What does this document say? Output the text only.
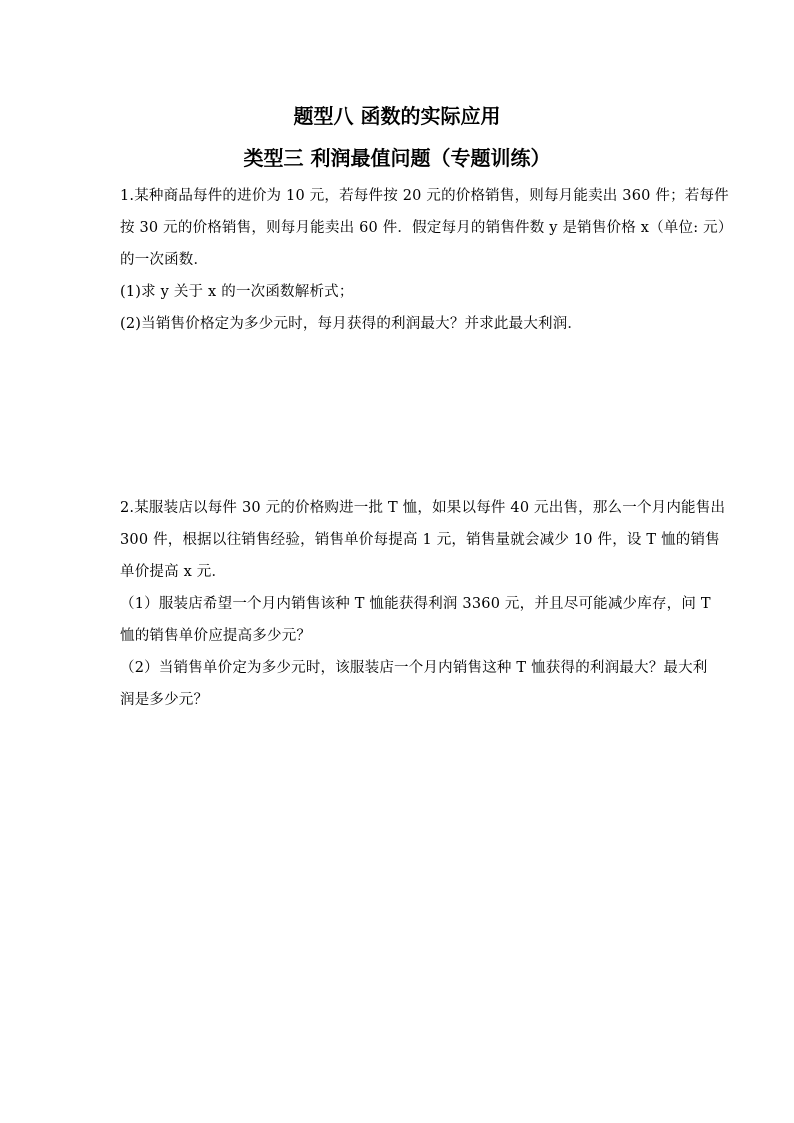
题型八 函数的实际应用
类型三 利润最值问题（专题训练）
1.某种商品每件的进价为 10 元，若每件按 20 元的价格销售，则每月能卖出 360 件；若每件
按 30 元的价格销售，则每月能卖出 60 件．假定每月的销售件数 y 是销售价格 x（单位: 元）
的一次函数．
(1)求 y 关于 x 的一次函数解析式；
(2)当销售价格定为多少元时，每月获得的利润最大？并求此最大利润．
2.某服装店以每件 30 元的价格购进一批 T 恤，如果以每件 40 元出售，那么一个月内能售出
300 件，根据以往销售经验，销售单价每提高 1 元，销售量就会减少 10 件，设 T 恤的销售
单价提高 x 元．
（1）服装店希望一个月内销售该种 T 恤能获得利润 3360 元，并且尽可能减少库存，问 T
恤的销售单价应提高多少元？
（2）当销售单价定为多少元时，该服装店一个月内销售这种 T 恤获得的利润最大？最大利
润是多少元？
